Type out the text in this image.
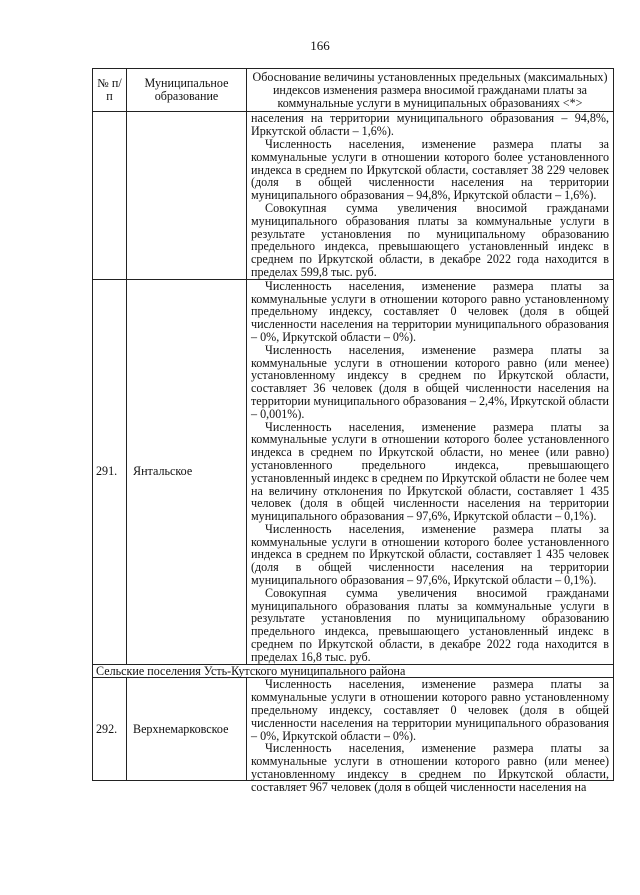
166
№ п/п	Муниципальное образование	Обоснование величины установленных предельных (максимальных) индексов изменения размера вносимой гражданами платы за коммунальные услуги в муниципальных образованиях <*>

		населения на территории муниципального образования – 94,8%, Иркутской области – 1,6%).

Численность населения, изменение размера платы за коммунальные услуги в отношении которого более установленного индекса в среднем по Иркутской области, составляет 38 229 человек (доля в общей численности населения на территории муниципального образования – 94,8%, Иркутской области – 1,6%).

Совокупная сумма увеличения вносимой гражданами муниципального образования платы за коммунальные услуги в результате установления по муниципальному образованию предельного индекса, превышающего установленный индекс в среднем по Иркутской области, в декабре 2022 года находится в пределах 599,8 тыс. руб.

291.	Янтальское	Численность населения, изменение размера платы за коммунальные услуги в отношении которого равно установленному предельному индексу, составляет 0 человек (доля в общей численности населения на территории муниципального образования – 0%, Иркутской области – 0%).

Численность населения, изменение размера платы за коммунальные услуги в отношении которого равно (или менее) установленному индексу в среднем по Иркутской области, составляет 36 человек (доля в общей численности населения на территории муниципального образования – 2,4%, Иркутской области – 0,001%).

Численность населения, изменение размера платы за коммунальные услуги в отношении которого более установленного индекса в среднем по Иркутской области, но менее (или равно) установленного предельного индекса, превышающего установленный индекс в среднем по Иркутской области не более чем на величину отклонения по Иркутской области, составляет 1 435 человек (доля в общей численности населения на территории муниципального образования – 97,6%, Иркутской области – 0,1%).

Численность населения, изменение размера платы за коммунальные услуги в отношении которого более установленного индекса в среднем по Иркутской области, составляет 1 435 человек (доля в общей численности населения на территории муниципального образования – 97,6%, Иркутской области – 0,1%).

Совокупная сумма увеличения вносимой гражданами муниципального образования платы за коммунальные услуги в результате установления по муниципальному образованию предельного индекса, превышающего установленный индекс в среднем по Иркутской области, в декабре 2022 года находится в пределах 16,8 тыс. руб.

Сельские поселения Усть-Кутского муниципального района		
292.	Верхнемарковское	Численность населения, изменение размера платы за коммунальные услуги в отношении которого равно установленному предельному индексу, составляет 0 человек (доля в общей численности населения на территории муниципального образования – 0%, Иркутской области – 0%).

Численность населения, изменение размера платы за коммунальные услуги в отношении которого равно (или менее) установленному индексу в среднем по Иркутской области, составляет 967 человек (доля в общей численности населения на
